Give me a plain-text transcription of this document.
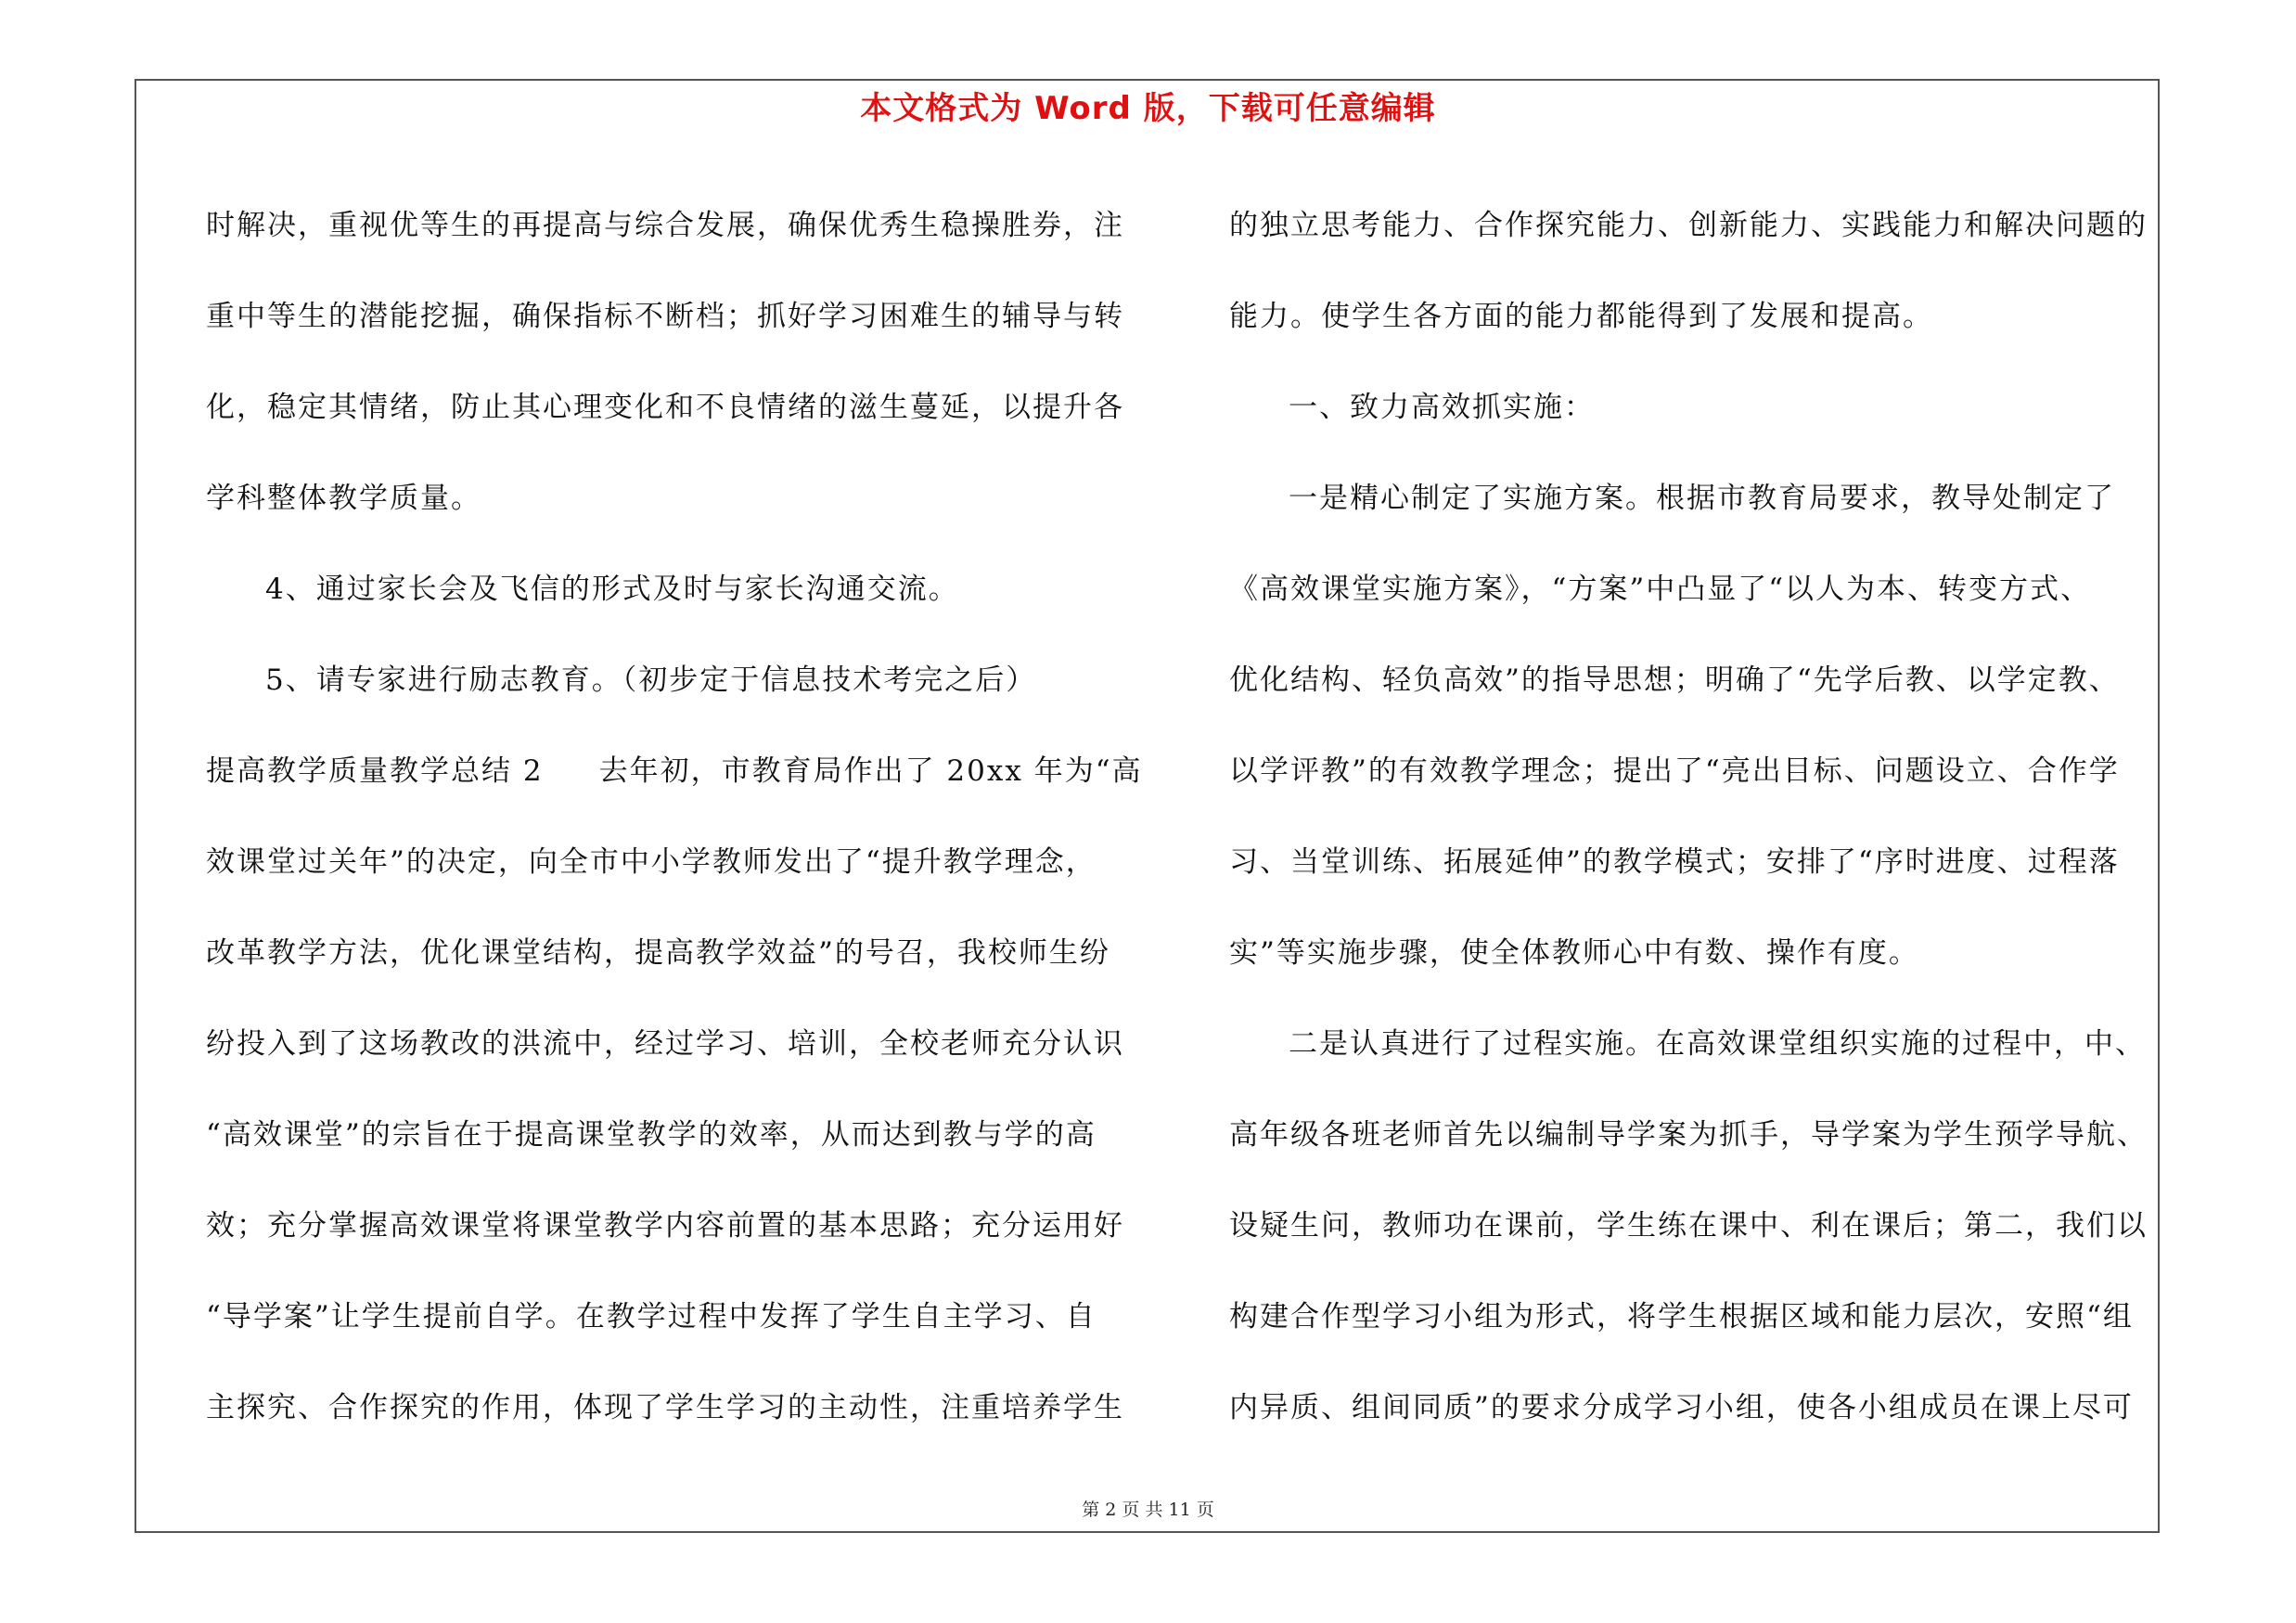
本文格式为 Word 版，下载可任意编辑
时解决，重视优等生的再提高与综合发展，确保优秀生稳操胜券，注
重中等生的潜能挖掘，确保指标不断档；抓好学习困难生的辅导与转
化，稳定其情绪，防止其心理变化和不良情绪的滋生蔓延，以提升各
学科整体教学质量。
4、通过家长会及飞信的形式及时与家长沟通交流。
5、请专家进行励志教育。（初步定于信息技术考完之后）
提高教学质量教学总结 2 去年初，市教育局作出了 20xx 年为“高
效课堂过关年”的决定，向全市中小学教师发出了“提升教学理念，
改革教学方法，优化课堂结构，提高教学效益”的号召，我校师生纷
纷投入到了这场教改的洪流中，经过学习、培训，全校老师充分认识
“高效课堂”的宗旨在于提高课堂教学的效率，从而达到教与学的高
效；充分掌握高效课堂将课堂教学内容前置的基本思路；充分运用好
“导学案”让学生提前自学。在教学过程中发挥了学生自主学习、自
主探究、合作探究的作用，体现了学生学习的主动性，注重培养学生
的独立思考能力、合作探究能力、创新能力、实践能力和解决问题的
能力。使学生各方面的能力都能得到了发展和提高。
一、致力高效抓实施：
一是精心制定了实施方案。根据市教育局要求，教导处制定了
《高效课堂实施方案》，“方案”中凸显了“以人为本、转变方式、
优化结构、轻负高效”的指导思想；明确了“先学后教、以学定教、
以学评教”的有效教学理念；提出了“亮出目标、问题设立、合作学
习、当堂训练、拓展延伸”的教学模式；安排了“序时进度、过程落
实”等实施步骤，使全体教师心中有数、操作有度。
二是认真进行了过程实施。在高效课堂组织实施的过程中，中、
高年级各班老师首先以编制导学案为抓手，导学案为学生预学导航、
设疑生问，教师功在课前，学生练在课中、利在课后；第二，我们以
构建合作型学习小组为形式，将学生根据区域和能力层次，安照“组
内异质、组间同质”的要求分成学习小组，使各小组成员在课上尽可
第 2 页 共 11 页
